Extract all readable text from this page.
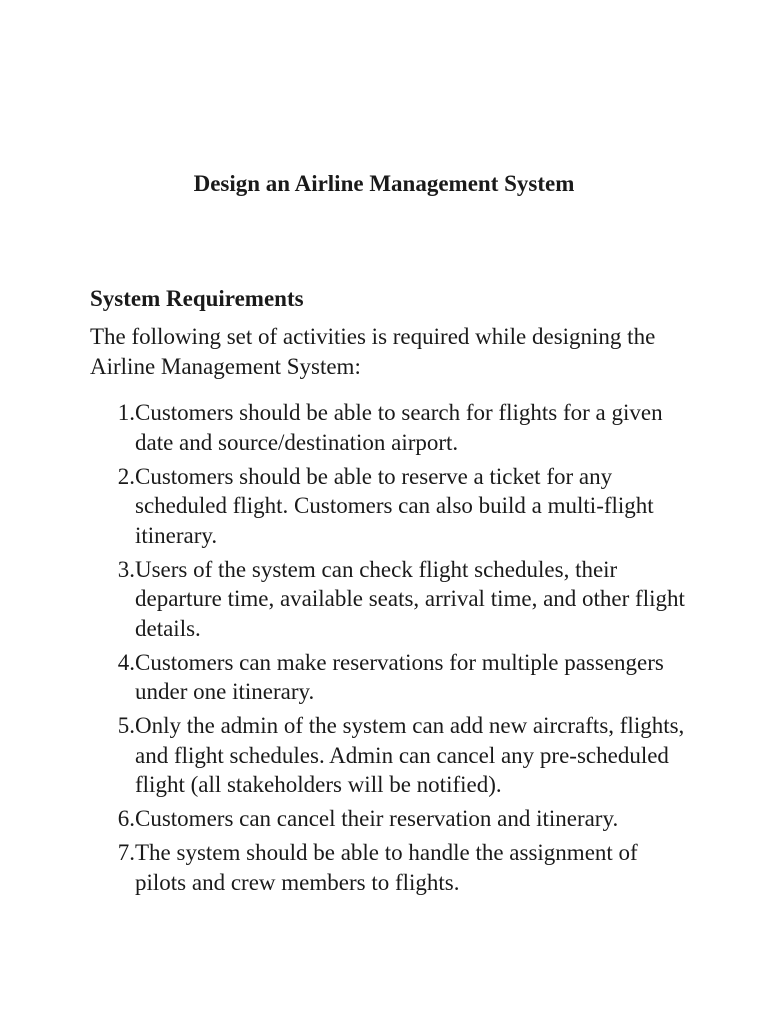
Design an Airline Management System
System Requirements

The following set of activities is required while designing the Airline Management System:

1. Customers should be able to search for flights for a given date and source/destination airport.
2. Customers should be able to reserve a ticket for any scheduled flight. Customers can also build a multi-flight itinerary.
3. Users of the system can check flight schedules, their departure time, available seats, arrival time, and other flight details.
4. Customers can make reservations for multiple passengers under one itinerary.
5. Only the admin of the system can add new aircrafts, flights, and flight schedules. Admin can cancel any pre-scheduled flight (all stakeholders will be notified).
6. Customers can cancel their reservation and itinerary.
7. The system should be able to handle the assignment of pilots and crew members to flights.
